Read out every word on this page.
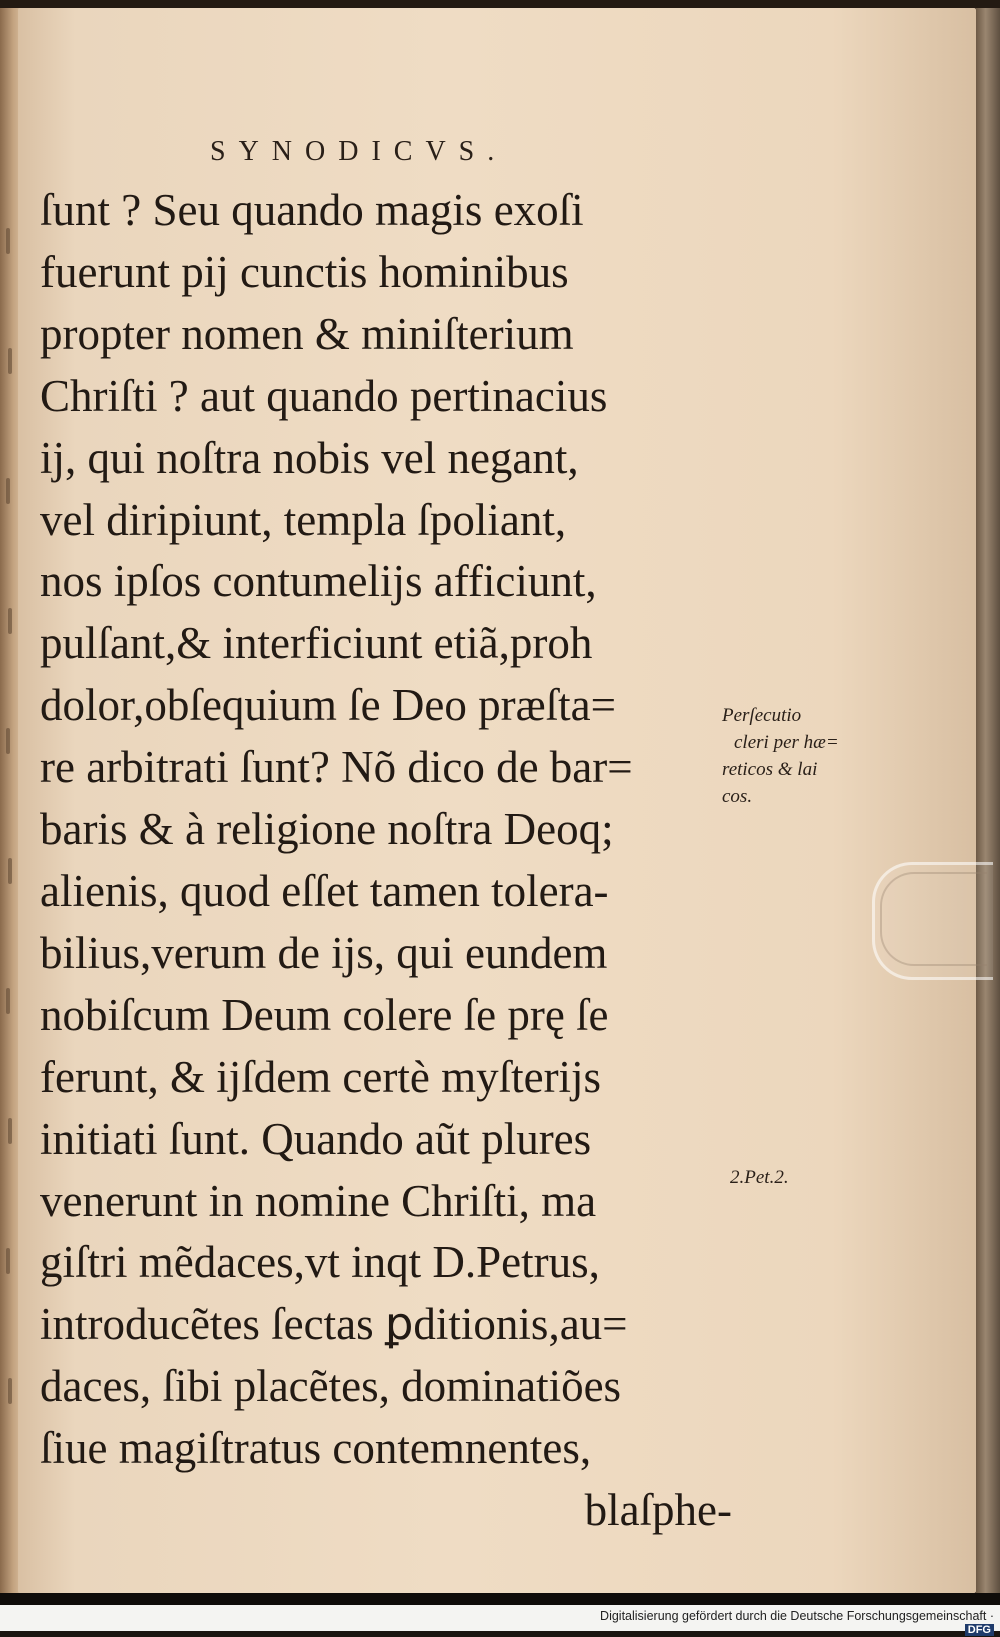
SYNODICVS.
ſunt ? Seu quando magis exoſi
fuerunt pij cunctis hominibus
propter nomen & miniſterium
Chriſti ? aut quando pertinacius
ij, qui noſtra nobis vel negant,
vel diripiunt, templa ſpoliant,
nos ipſos contumelijs afficiunt,
pulſant,& interficiunt etiã,proh
dolor,obſequium ſe Deo præſta=
re arbitrati ſunt? Nõ dico de bar=
baris & à religione noſtra Deoq;
alienis, quod eſſet tamen tolera-
bilius,verum de ijs, qui eundem
nobiſcum Deum colere ſe prę ſe
ferunt, & ijſdem certè myſterijs
initiati ſunt. Quando aũt plures
venerunt in nomine Chriſti, ma
giſtri mẽdaces,vt inqt D.Petrus,
introducẽtes ſectas ꝑditionis,au=
daces, ſibi placẽtes, dominatiões
ſiue magiſtratus contemnentes,
blaſphe-
Perſecutio
cleri per hæ=
reticos & lai
cos.
2.Pet.2.
Digitalisierung gefördert durch die Deutsche Forschungsgemeinschaft ·DFG
